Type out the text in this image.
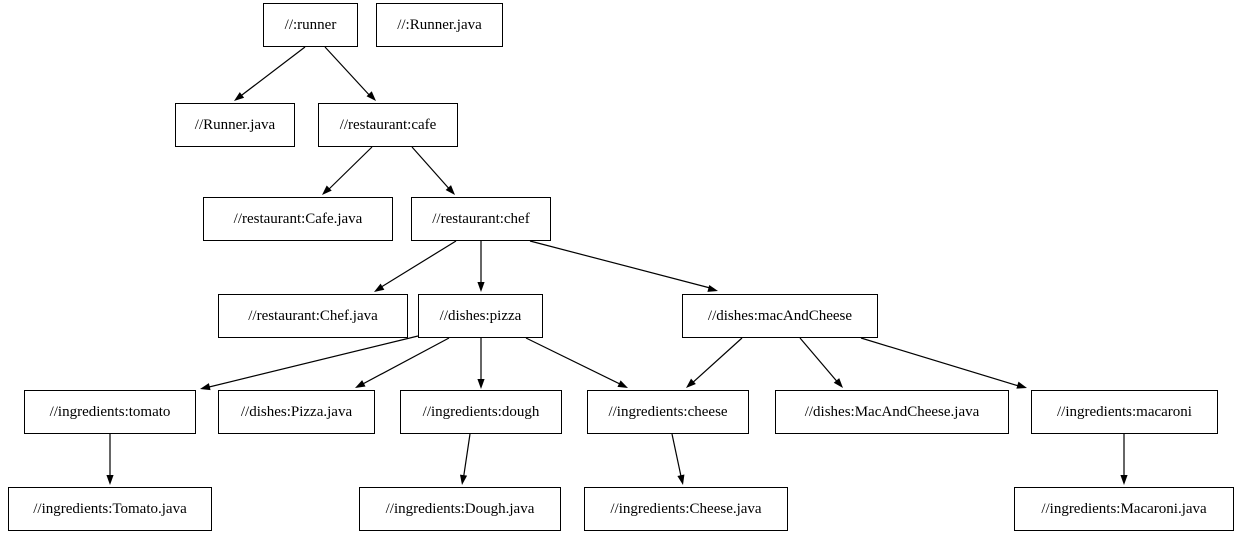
//:runner	//:Runner.java
//Runner.java	//restaurant:cafe
//restaurant:Cafe.java	//restaurant:chef
//restaurant:Chef.java	//dishes:pizza	//dishes:macAndCheese
//ingredients:tomato	//dishes:Pizza.java	//ingredients:dough	//ingredients:cheese	//dishes:MacAndCheese.java	//ingredients:macaroni
//ingredients:Tomato.java	//ingredients:Dough.java	//ingredients:Cheese.java	//ingredients:Macaroni.java
